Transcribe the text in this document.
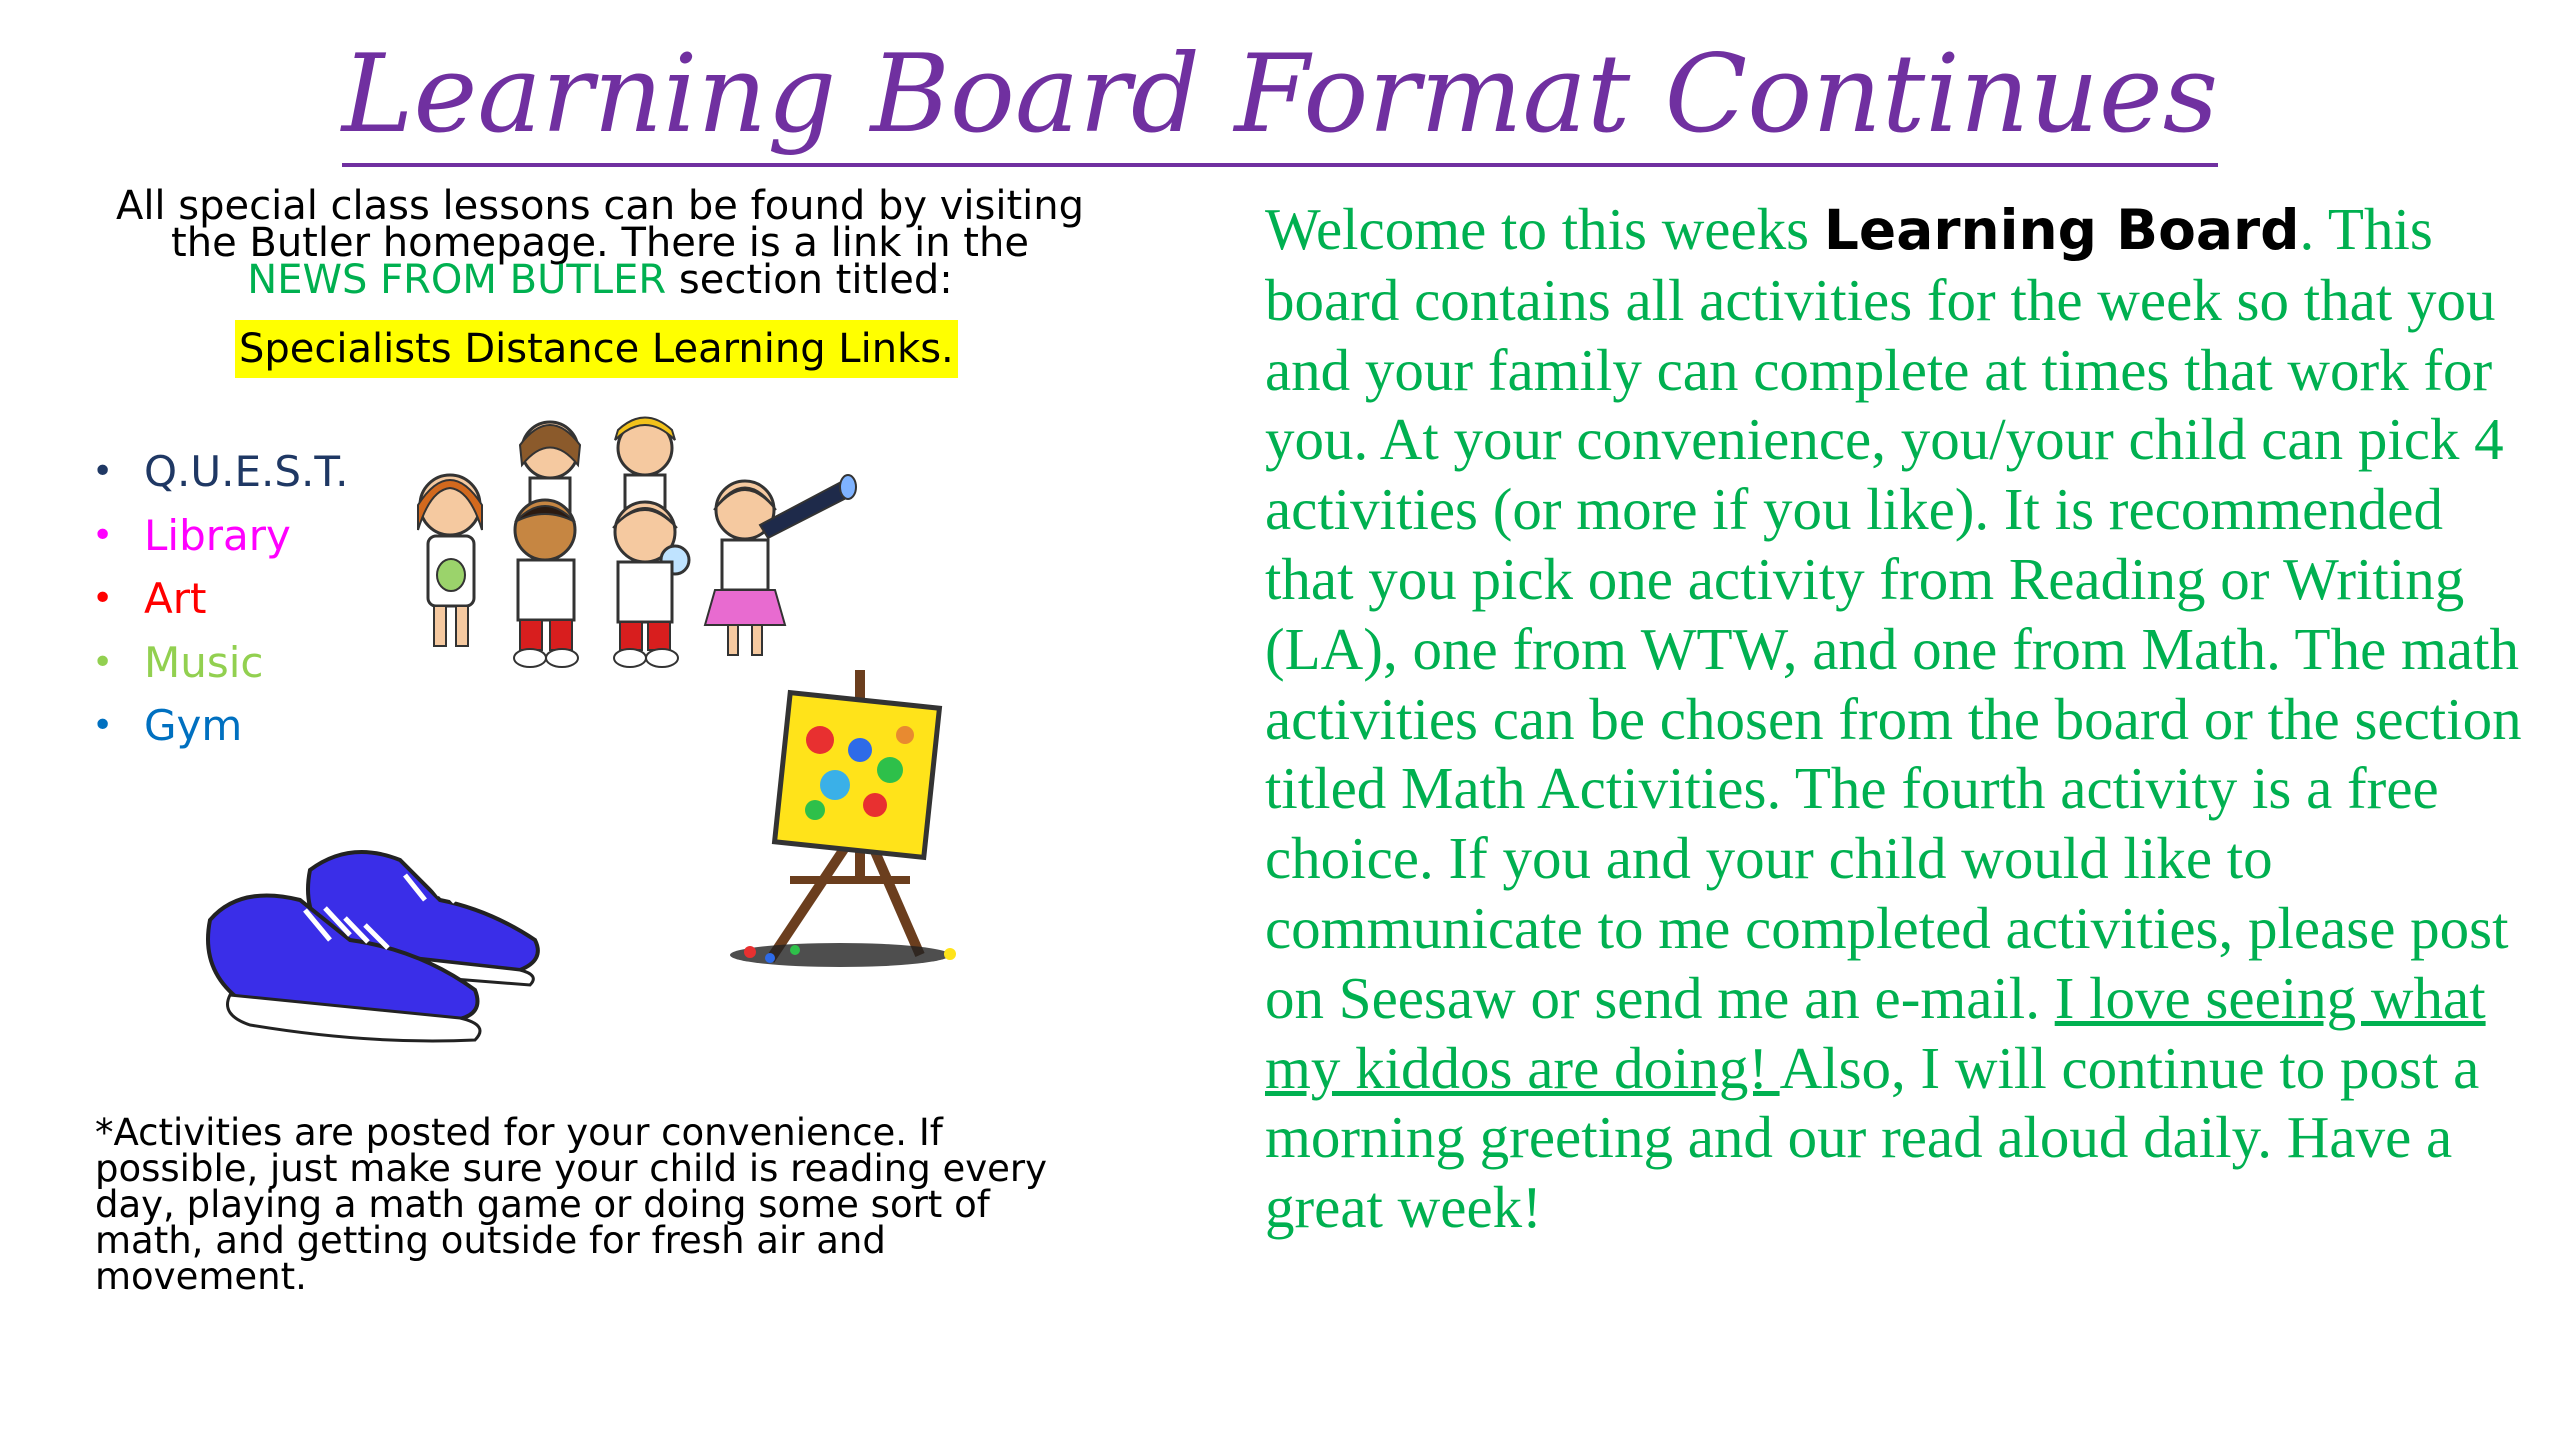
Learning Board Format Continues
All special class lessons can be found by visiting
the Butler homepage. There is a link in the
NEWS FROM BUTLER section titled:
Specialists Distance Learning Links.
• Q.U.E.S.T.
• Library
• Art
• Music
• Gym

Welcome to this weeks Learning Board. This board contains all activities for the week so that you and your family can complete at times that work for you. At your convenience, you/your child can pick 4 activities (or more if you like). It is recommended that you pick one activity from Reading or Writing (LA), one from WTW, and one from Math. The math activities can be chosen from the board or the section titled Math Activities. The fourth activity is a free choice. If you and your child would like to communicate to me completed activities, please post on Seesaw or send me an e-mail. I love seeing what my kiddos are doing! Also, I will continue to post a morning greeting and our read aloud daily. Have a great week!

*Activities are posted for your convenience. If possible, just make sure your child is reading every day, playing a math game or doing some sort of math, and getting outside for fresh air and movement.
